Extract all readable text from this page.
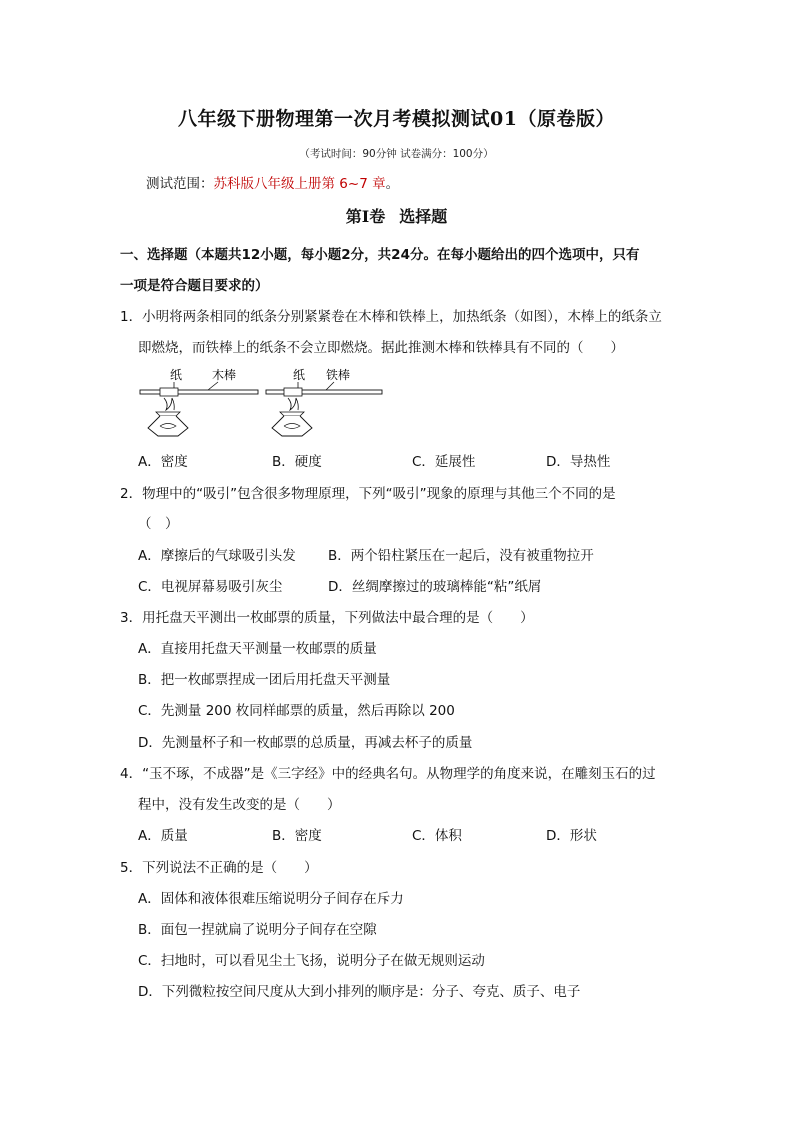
八年级下册物理第一次月考模拟测试01（原卷版）
（考试时间：90分钟 试卷满分：100分）
测试范围：苏科版八年级上册第 6~7 章。
第Ⅰ卷 选择题
一、选择题（本题共12小题，每小题2分，共24分。在每小题给出的四个选项中，只有
一项是符合题目要求的）
1．小明将两条相同的纸条分别紧紧卷在木棒和铁棒上，加热纸条（如图），木棒上的纸条立
即燃烧，而铁棒上的纸条不会立即燃烧。据此推测木棒和铁棒具有不同的（　　）
纸 木棒	纸 铁棒
A．密度	B．硬度	C．延展性	D．导热性
2．物理中的“吸引”包含很多物理原理，下列“吸引”现象的原理与其他三个不同的是
（　）
A．摩擦后的气球吸引头发 B．两个铅柱紧压在一起后，没有被重物拉开
C．电视屏幕易吸引灰尘	D．丝绸摩擦过的玻璃棒能“粘”纸屑
3．用托盘天平测出一枚邮票的质量，下列做法中最合理的是（　　）
A．直接用托盘天平测量一枚邮票的质量
B．把一枚邮票捏成一团后用托盘天平测量
C．先测量 200 枚同样邮票的质量，然后再除以 200
D．先测量杯子和一枚邮票的总质量，再减去杯子的质量
4．“玉不琢，不成器”是《三字经》中的经典名句。从物理学的角度来说，在雕刻玉石的过
程中，没有发生改变的是（　　）
A．质量	B．密度	C．体积	D．形状
5．下列说法不正确的是（　　）
A．固体和液体很难压缩说明分子间存在斥力
B．面包一捏就扁了说明分子间存在空隙
C．扫地时，可以看见尘土飞扬，说明分子在做无规则运动
D．下列微粒按空间尺度从大到小排列的顺序是：分子、夸克、质子、电子
